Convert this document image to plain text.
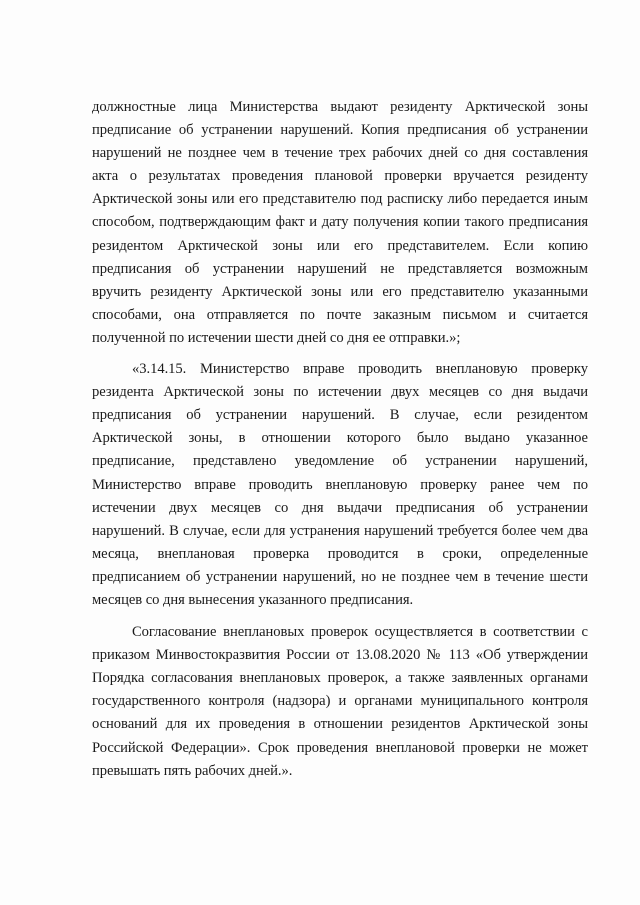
должностные лица Министерства выдают резиденту Арктической зоны
предписание об устранении нарушений. Копия предписания об устранении
нарушений не позднее чем в течение трех рабочих дней со дня составления
акта о результатах проведения плановой проверки вручается резиденту
Арктической зоны или его представителю под расписку либо передается иным
способом, подтверждающим факт и дату получения копии такого предписания
резидентом Арктической зоны или его представителем. Если копию
предписания об устранении нарушений не представляется возможным
вручить резиденту Арктической зоны или его представителю указанными
способами, она отправляется по почте заказным письмом и считается
полученной по истечении шести дней со дня ее отправки.»;
«3.14.15. Министерство вправе проводить внеплановую проверку
резидента Арктической зоны по истечении двух месяцев со дня выдачи
предписания об устранении нарушений. В случае, если резидентом
Арктической зоны, в отношении которого было выдано указанное
предписание, представлено уведомление об устранении нарушений,
Министерство вправе проводить внеплановую проверку ранее чем по
истечении двух месяцев со дня выдачи предписания об устранении
нарушений. В случае, если для устранения нарушений требуется более чем два
месяца, внеплановая проверка проводится в сроки, определенные
предписанием об устранении нарушений, но не позднее чем в течение шести
месяцев со дня вынесения указанного предписания.
Согласование внеплановых проверок осуществляется в соответствии с
приказом Минвостокразвития России от 13.08.2020 № 113 «Об утверждении
Порядка согласования внеплановых проверок, а также заявленных органами
государственного контроля (надзора) и органами муниципального контроля
оснований для их проведения в отношении резидентов Арктической зоны
Российской Федерации». Срок проведения внеплановой проверки не может
превышать пять рабочих дней.».
